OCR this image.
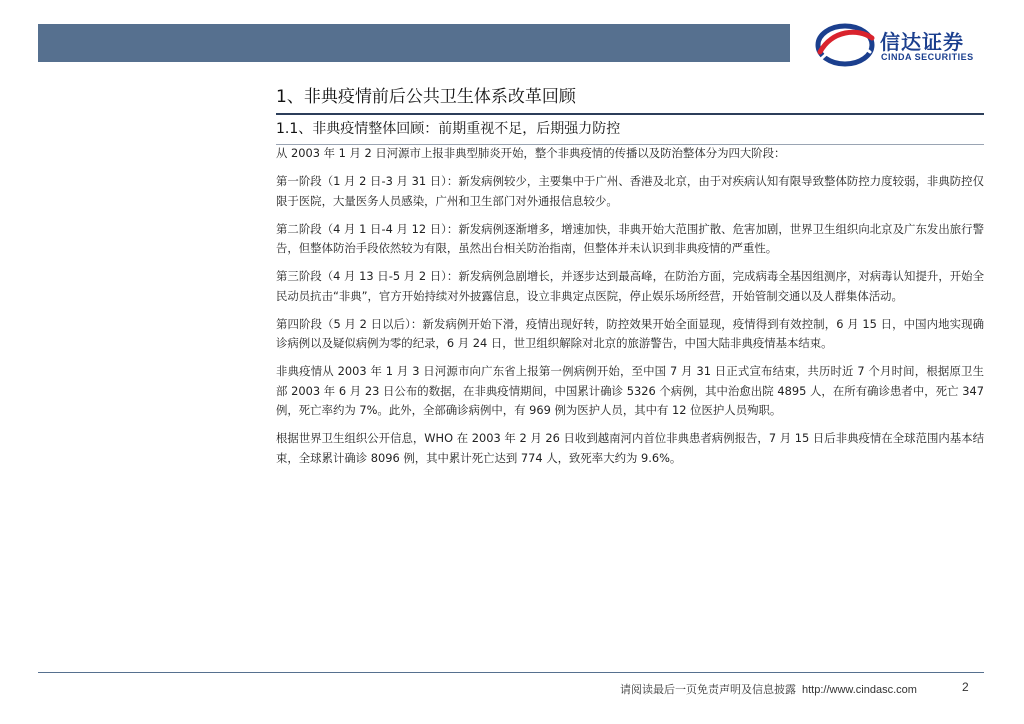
信达证券
CINDA SECURITIES
1、非典疫情前后公共卫生体系改革回顾
1.1、非典疫情整体回顾：前期重视不足，后期强力防控

从 2003 年 1 月 2 日河源市上报非典型肺炎开始，整个非典疫情的传播以及防治整体分为四大阶段：

第一阶段（1 月 2 日-3 月 31 日）：新发病例较少，主要集中于广州、香港及北京，由于对疾病认知有限导致整体防控力度较弱，非典防控仅限于医院，大量医务人员感染，广州和卫生部门对外通报信息较少。

第二阶段（4 月 1 日-4 月 12 日）：新发病例逐渐增多，增速加快，非典开始大范围扩散、危害加剧，世界卫生组织向北京及广东发出旅行警告，但整体防治手段依然较为有限，虽然出台相关防治指南，但整体并未认识到非典疫情的严重性。

第三阶段（4 月 13 日-5 月 2 日）：新发病例急剧增长，并逐步达到最高峰，在防治方面，完成病毒全基因组测序，对病毒认知提升，开始全民动员抗击“非典”，官方开始持续对外披露信息，设立非典定点医院，停止娱乐场所经营，开始管制交通以及人群集体活动。

第四阶段（5 月 2 日以后）：新发病例开始下滑，疫情出现好转，防控效果开始全面显现，疫情得到有效控制，6 月 15 日，中国内地实现确诊病例以及疑似病例为零的纪录，6 月 24 日，世卫组织解除对北京的旅游警告，中国大陆非典疫情基本结束。

非典疫情从 2003 年 1 月 3 日河源市向广东省上报第一例病例开始，至中国 7 月 31 日正式宣布结束，共历时近 7 个月时间，根据原卫生部 2003 年 6 月 23 日公布的数据，在非典疫情期间，中国累计确诊 5326 个病例，其中治愈出院 4895 人，在所有确诊患者中，死亡 347 例，死亡率约为 7%。此外，全部确诊病例中，有 969 例为医护人员，其中有 12 位医护人员殉职。

根据世界卫生组织公开信息，WHO 在 2003 年 2 月 26 日收到越南河内首位非典患者病例报告，7 月 15 日后非典疫情在全球范围内基本结束，全球累计确诊 8096 例，其中累计死亡达到 774 人，致死率大约为 9.6%。

请阅读最后一页免责声明及信息披露 http://www.cindasc.com	2
